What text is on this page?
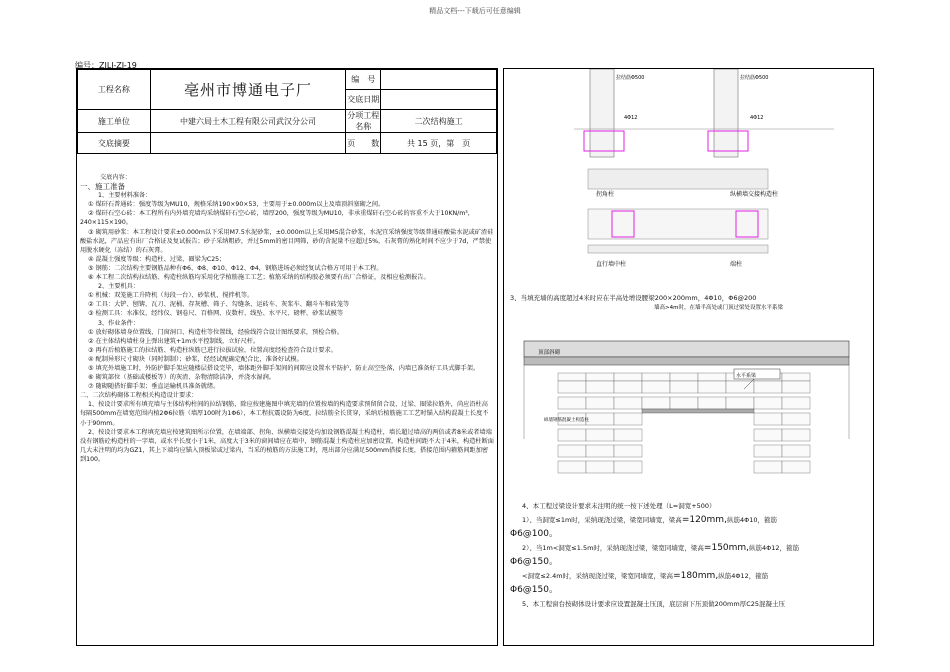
精品文档---下载后可任意编辑
编号：ZJLJ-ZJ-19
工程名称	亳州市博通电子厂	编　号	
		交底日期	
施工单位	中建六局土木工程有限公司武汉分公司	分项工程名称	二次结构施工
交底摘要		页　　数	共 15 页，第　页

交底内容：

一、施工准备

1、主要材料准备：

① 煤矸石普通砖：强度等级为MU10，规格采纳190×90×53，主要用于±0.000m以上及墙顶斜塞砌之间。

② 煤矸石空心砖：本工程所有内外墙充墙均采纳煤矸石空心砖，墙厚200，强度等级为MU10，非承重煤矸石空心砖的容重不大于10KN/m³，240×115×190。

③ 砌筑用砂浆：本工程设计要求±0.000m以下采用M7.5水泥砂浆，±0.000m以上采用M5混合砂浆，水泥宜采纳强度等级普通硅酸盐水泥或矿渣硅酸盐水泥，产品应有出厂合格证及复试报告；砂子采纳粗砂，并过5mm的密目网筛，砂的含泥量不应超过5%，石灰膏的熟化时间不应少于7d，严禁使用脱水硬化（冻结）的石灰膏。

④ 混凝土强度等级：构造柱、过梁、圈梁为C25；

⑤ 钢筋：二次结构主要钢筋品种有Φ6、Φ8、Φ10、Φ12、Φ4，钢筋进场必须经复试合格方可用于本工程。

⑥ 本工程二次结构拉结筋、构造柱纵筋均采用化学植筋施工工艺；植筋采纳的结构胶必须要有出厂合格证，及相应检测报告。

2、主要机具：

① 机械：双笼施工升降机（每段一台）、砂浆机、搅拌机等。

② 工具：大铲、刨锛、瓦刀、泥桶、存灰槽、筛子、勾缝条、运砖车、灰浆车、翻斗车和砖笼等

③ 检测工具：水准仪、经纬仪、钢卷尺、百格网、皮数杆、线坠、水平尺、磅秤、砂浆试模等

3、作业条件：

① 放好砌体墙身位置线、门窗洞口、构造柱等位置线，经验线符合设计图纸要求，预检合格。

② 在主体结构墙柱身上弹出建筑+1m水平控制线，立好尺杆。

③ 再有后植筋施工的拉结筋、构造柱纵筋已进行拉拔试验，位置高度经检查符合设计要求。

④ 配制异形尺寸砌块（同时制制）；砂浆，经经试配确定配合比，准备好试模。

⑤ 填充外墙施工时，外防护脚手架应随楼层搭设完毕，墙体距外脚手架间的间隙应设置水平防护，防止高空坠落，内墙已准备好工具式脚手架。

⑥ 砌筑部位（基础或楼板等）的灰渣、杂物清除洁净，并浇水湿润。

⑦ 随砌随搭好脚手架；垂直运输机具准备就绪。

二、二次结构砌体工程相关构造设计要求：

1、按设计要求所有填充墙与主体结构柱间的拉结钢筋，除应按建施图中填充墙的位置按墙的构造要求预留留合设、过梁、圈梁拉筋外，尚应沿柱高每隔500mm在墙宽范围内植2Φ6拉筋（墙厚100时为1Φ6），本工程抗震设防为6度，拉结筋全长贯穿，采纳后植筋施工工艺时锚入结构混凝土长度不小于90mm。

2、按设计要求本工程填充墙应按建筑图所示位置，在墙端部、拐角、纵横墙交接处均加设钢筋混凝土构造柱，墙长超过墙高的两倍或者8米或者墙端没有钢筋砼构造柱的一字墙，或水平长度小于1米，高度大于3米的窗间墙应在墙中，钢筋混凝土构造柱应加密设置，构造柱间距不大于4米，构造柱断面几大未注明的均为GZ1，其上下端均应锚入顶板梁或过梁内，当采的植筋的方法施工时，甩出部分应满足500mm搭接长度，搭接范围内箍筋间距加密到100。

拉结筋Φ500	拉结筋Φ500
4Φ12	4Φ12
拐角柱	纵横墙交接构造柱
直行墙中柱	端柱
顶部斜砌
墙高>4m时，在墙半高处或门顶过梁处设置水平系梁
水平系梁
纵墙钢筋混凝土构造柱

3、当填充墙的高度超过4米时应在半高处增设腰梁200×200mm，4Φ10，Φ6@200

4、本工程过梁设计要求未注明的统一按下述处理（L=洞宽+500）

1）、当洞宽≤1m时，采纳现浇过梁，梁宽同墙宽，梁高=120mm,纵筋4Φ10，箍筋

Φ6@100。

2）、当1m<洞宽≤1.5m时，采纳现浇过梁，梁宽同墙宽，梁高=150mm,纵筋4Φ12，箍筋

Φ6@150。

<洞宽≤2.4m时，采纳现浇过梁，梁宽同墙宽，梁高=180mm,纵筋4Φ12，箍筋

Φ6@150。

5、本工程窗台按砌体设计要求应设置混凝土压顶，底层窗下压顶做200mm厚C25混凝土压
